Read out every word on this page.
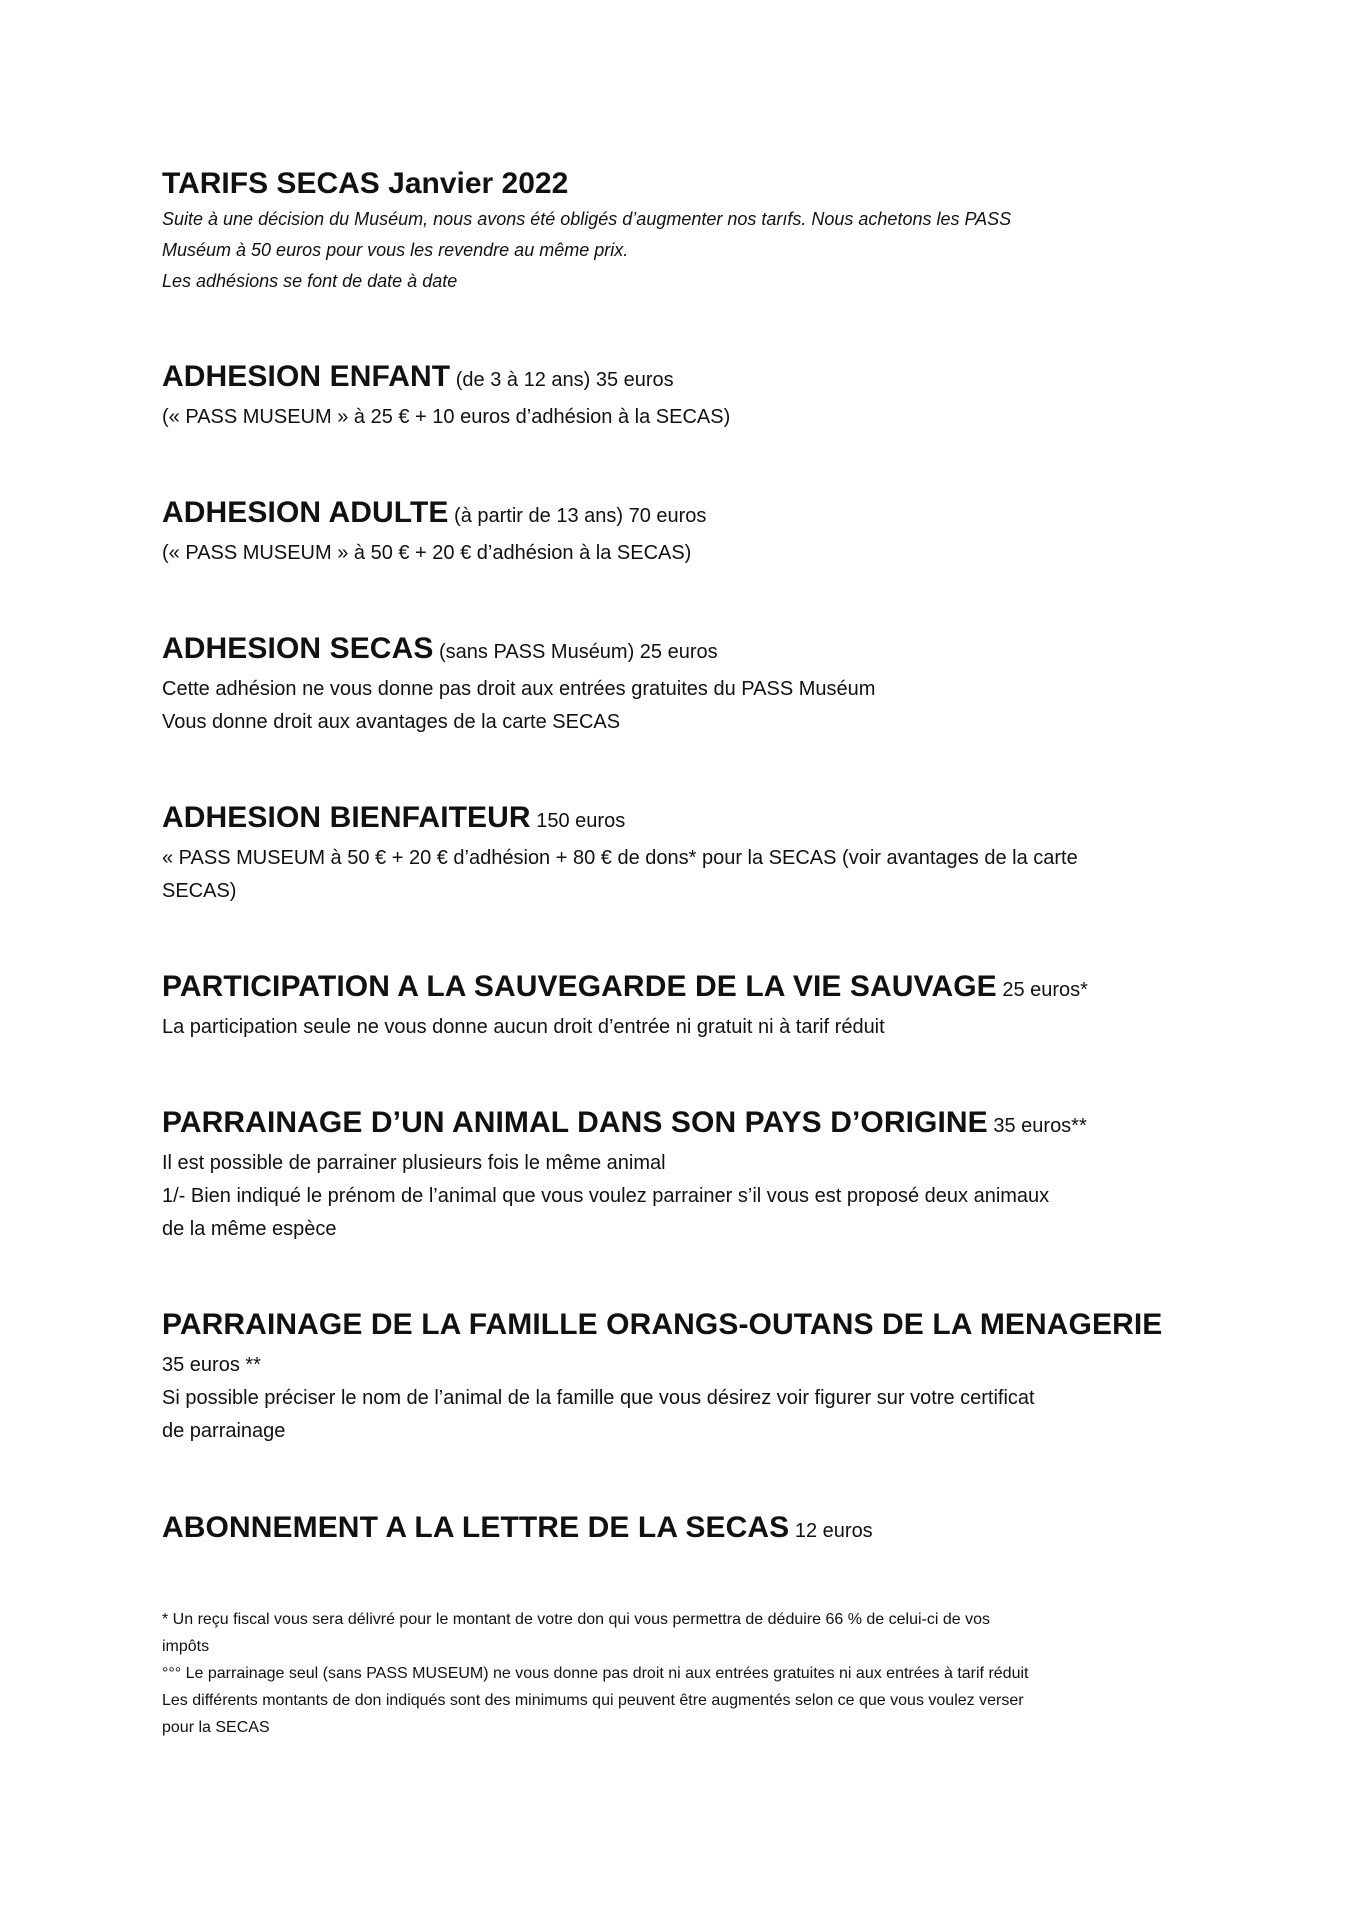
TARIFS SECAS Janvier 2022

Suite à une décision du Muséum, nous avons été obligés d’augmenter nos tarıfs. Nous achetons les PASS

Muséum à 50 euros pour vous les revendre au même prix.

Les adhésions se font de date à date

ADHESION ENFANT (de 3 à 12 ans) 35 euros

(« PASS MUSEUM » à 25 € + 10 euros d’adhésion à la SECAS)

ADHESION ADULTE (à partir de 13 ans) 70 euros

(« PASS MUSEUM » à 50 € + 20 € d’adhésion à la SECAS)

ADHESION SECAS (sans PASS Muséum) 25 euros

Cette adhésion ne vous donne pas droit aux entrées gratuites du PASS Muséum

Vous donne droit aux avantages de la carte SECAS

ADHESION BIENFAITEUR 150 euros

« PASS MUSEUM à 50 € + 20 € d’adhésion + 80 € de dons* pour la SECAS (voir avantages de la carte

SECAS)

PARTICIPATION A LA SAUVEGARDE DE LA VIE SAUVAGE 25 euros*

La participation seule ne vous donne aucun droit d’entrée ni gratuit ni à tarif réduit

PARRAINAGE D’UN ANIMAL DANS SON PAYS D’ORIGINE 35 euros**

Il est possible de parrainer plusieurs fois le même animal

1/- Bien indiqué le prénom de l’animal que vous voulez parrainer s’il vous est proposé deux animaux

de la même espèce

PARRAINAGE DE LA FAMILLE ORANGS-OUTANS DE LA MENAGERIE

35 euros **

Si possible préciser le nom de l’animal de la famille que vous désirez voir figurer sur votre certificat

de parrainage

ABONNEMENT A LA LETTRE DE LA SECAS 12 euros

* Un reçu fiscal vous sera délivré pour le montant de votre don qui vous permettra de déduire 66 % de celui-ci de vos

impôts

°°° Le parrainage seul (sans PASS MUSEUM) ne vous donne pas droit ni aux entrées gratuites ni aux entrées à tarif réduit

Les différents montants de don indiqués sont des minimums qui peuvent être augmentés selon ce que vous voulez verser

pour la SECAS
